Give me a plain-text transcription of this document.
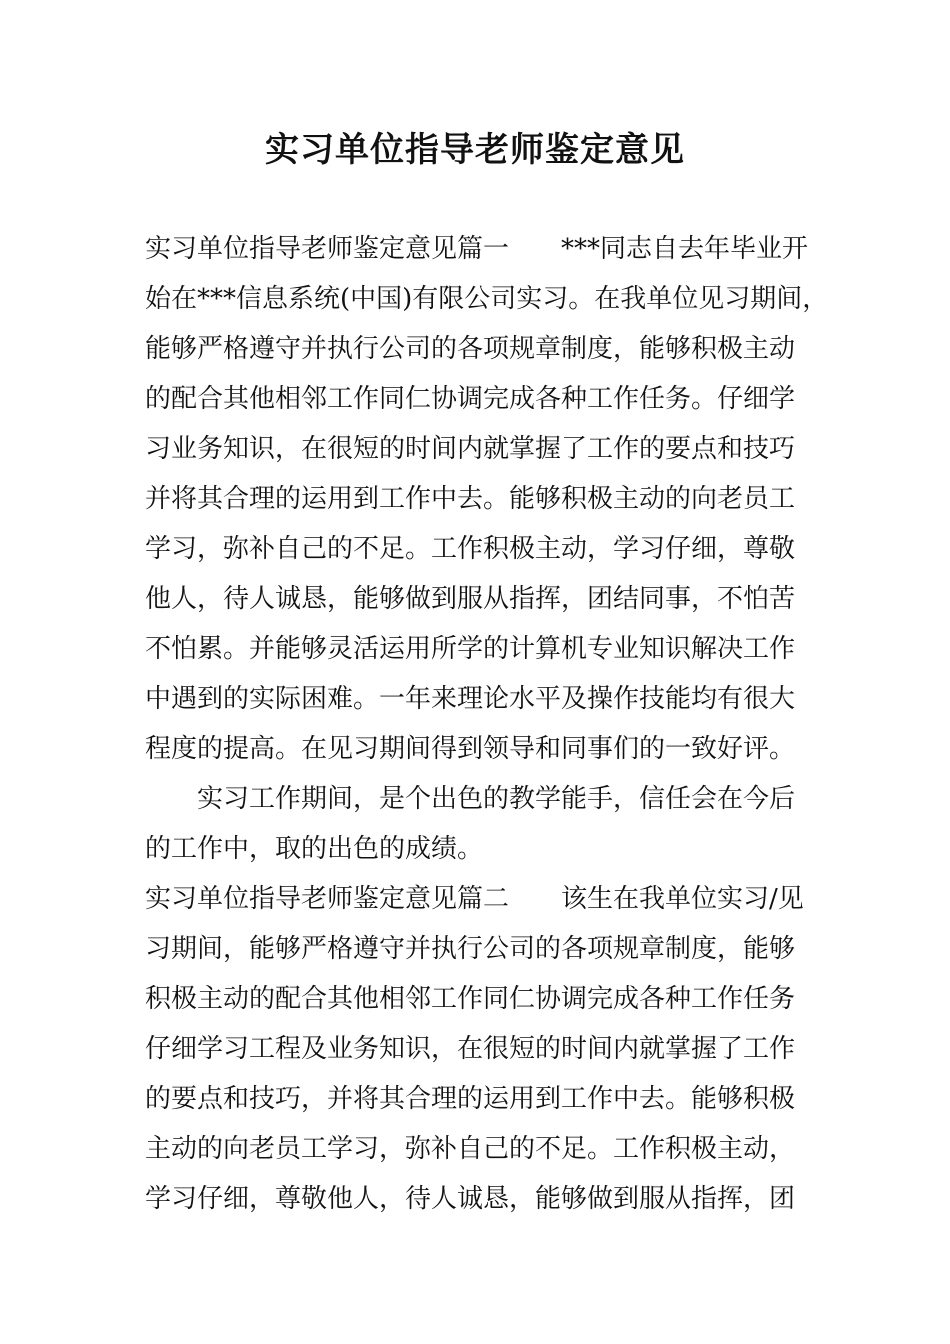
实习单位指导老师鉴定意见
实习单位指导老师鉴定意见篇一 ***同志自去年毕业开
始在***信息系统(中国)有限公司实习。在我单位见习期间，
能够严格遵守并执行公司的各项规章制度，能够积极主动
的配合其他相邻工作同仁协调完成各种工作任务。仔细学
习业务知识，在很短的时间内就掌握了工作的要点和技巧
并将其合理的运用到工作中去。能够积极主动的向老员工
学习，弥补自己的不足。工作积极主动，学习仔细，尊敬
他人，待人诚恳，能够做到服从指挥，团结同事，不怕苦
不怕累。并能够灵活运用所学的计算机专业知识解决工作
中遇到的实际困难。一年来理论水平及操作技能均有很大
程度的提高。在见习期间得到领导和同事们的一致好评。
实习工作期间，是个出色的教学能手，信任会在今后
的工作中，取的出色的成绩。
实习单位指导老师鉴定意见篇二 该生在我单位实习/见
习期间，能够严格遵守并执行公司的各项规章制度，能够
积极主动的配合其他相邻工作同仁协调完成各种工作任务
仔细学习工程及业务知识，在很短的时间内就掌握了工作
的要点和技巧，并将其合理的运用到工作中去。能够积极
主动的向老员工学习，弥补自己的不足。工作积极主动，
学习仔细，尊敬他人，待人诚恳，能够做到服从指挥，团
